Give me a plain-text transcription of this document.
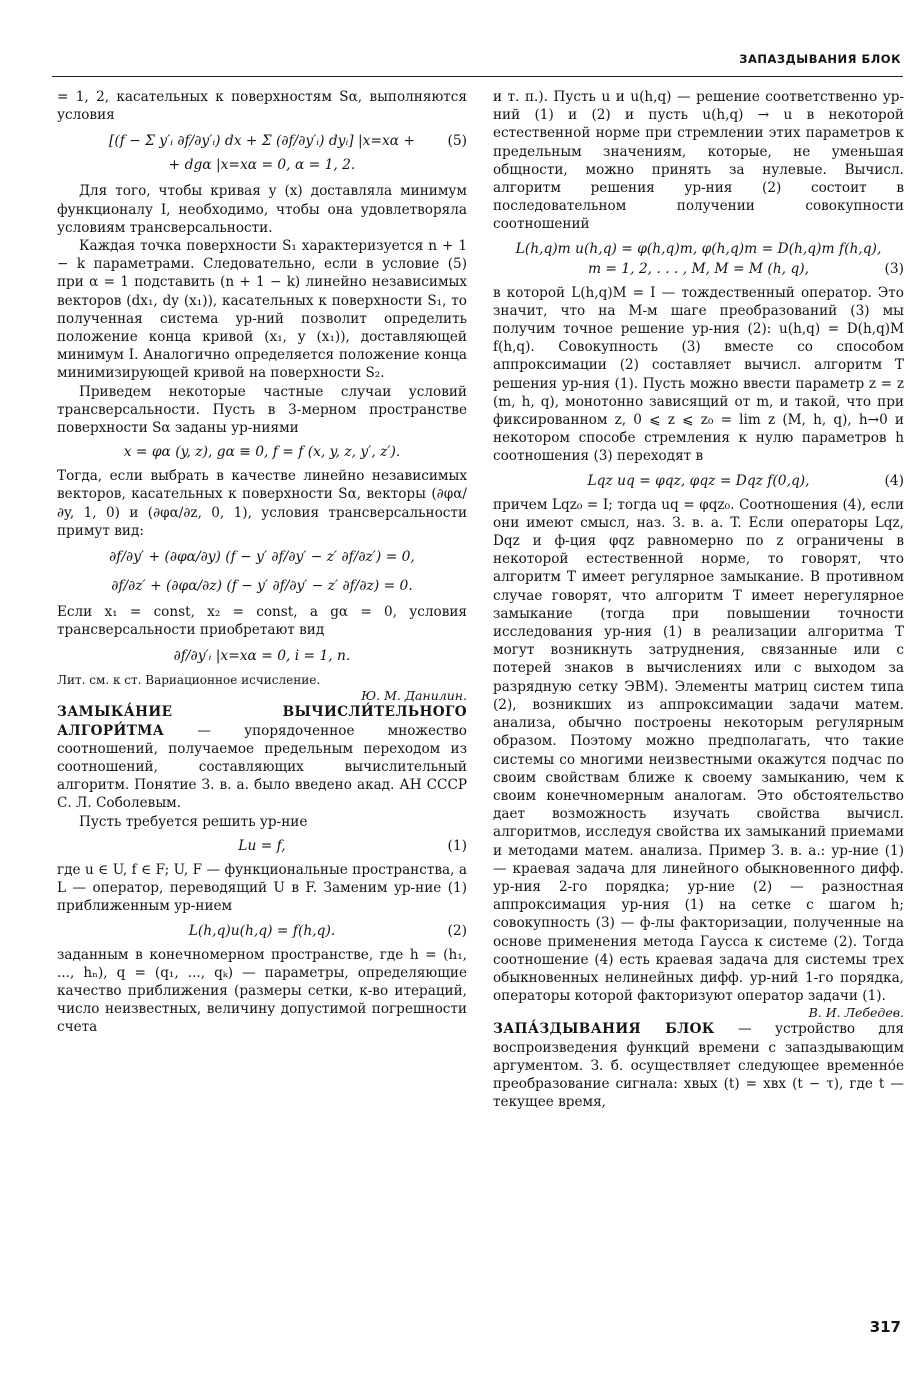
ЗАПАЗДЫВАНИЯ БЛОК

= 1, 2, касательных к поверхностям Sα, выполняются условия

[(f − Σ y′ᵢ ∂f/∂y′ᵢ) dx + Σ (∂f/∂y′ᵢ) dyᵢ] |x=xα +
+ dgα |x=xα = 0, α = 1, 2.
(5)

Для того, чтобы кривая y (x) доставляла минимум функционалу I, необходимо, чтобы она удовлетворяла условиям трансверсальности.

Каждая точка поверхности S₁ характеризуется n + 1 − k параметрами. Следовательно, если в условие (5) при α = 1 подставить (n + 1 − k) линейно независимых векторов (dx₁, dy (x₁)), касательных к поверхности S₁, то полученная система ур-ний позволит определить положение конца кривой (x₁, y (x₁)), доставляющей минимум I. Аналогично определяется положение конца минимизирующей кривой на поверхности S₂.

Приведем некоторые частные случаи условий трансверсальности. Пусть в 3-мерном пространстве поверхности Sα заданы ур-ниями

x = φα (y, z), gα ≡ 0, f = f (x, y, z, y′, z′).

Тогда, если выбрать в качестве линейно независимых векторов, касательных к поверхности Sα, векторы (∂φα/∂y, 1, 0) и (∂φα/∂z, 0, 1), условия трансверсальности примут вид:

∂f/∂y′ + (∂φα/∂y) (f − y′ ∂f/∂y′ − z′ ∂f/∂z′) = 0,
∂f/∂z′ + (∂φα/∂z) (f − y′ ∂f/∂y′ − z′ ∂f/∂z) = 0.

Если x₁ = const, x₂ = const, а gα = 0, условия трансверсальности приобретают вид

∂f/∂y′ᵢ |x=xα = 0, i = 1, n.

Лит. см. к ст. Вариационное исчисление.

Ю. М. Данилин.

ЗАМЫКА́НИЕ ВЫЧИСЛИ́ТЕЛЬНОГО АЛГОРИ́ТМА — упорядоченное множество соотношений, получаемое предельным переходом из соотношений, составляющих вычислительный алгоритм. Понятие З. в. а. было введено акад. АН СССР С. Л. Соболевым.

Пусть требуется решить ур-ние

Lu = f,	(1)

где u ∈ U, f ∈ F; U, F — функциональные пространства, а L — оператор, переводящий U в F. Заменим ур-ние (1) приближенным ур-нием

L(h,q)u(h,q) = f(h,q).	(2)

заданным в конечномерном пространстве, где h = (h₁, ..., hₙ), q = (q₁, ..., qₖ) — параметры, определяющие качество приближения (размеры сетки, к-во итераций, число неизвестных, величину допустимой погрешности счета

и т. п.). Пусть u и u(h,q) — решение соответственно ур-ний (1) и (2) и пусть u(h,q) → u в некоторой естественной норме при стремлении этих параметров к предельным значениям, которые, не уменьшая общности, можно принять за нулевые. Вычисл. алгоритм решения ур-ния (2) состоит в последовательном получении совокупности соотношений

L(h,q)m u(h,q) = φ(h,q)m, φ(h,q)m = D(h,q)m f(h,q),
m = 1, 2, . . . , M, M = M (h, q),	(3)

в которой L(h,q)M = I — тождественный оператор. Это значит, что на M-м шаге преобразований (3) мы получим точное решение ур-ния (2): u(h,q) = D(h,q)M f(h,q). Совокупность (3) вместе со способом аппроксимации (2) составляет вычисл. алгоритм T решения ур-ния (1). Пусть можно ввести параметр z = z (m, h, q), монотонно зависящий от m, и такой, что при фиксированном z, 0 ⩽ z ⩽ z₀ = lim z (M, h, q), h→0 и некотором способе стремления к нулю параметров h соотношения (3) переходят в

Lqz uq = φqz, φqz = Dqz f(0,q),	(4)

причем Lqz₀ = I; тогда uq = φqz₀. Соотношения (4), если они имеют смысл, наз. З. в. а. T. Если операторы Lqz, Dqz и ф-ция φqz равномерно по z ограничены в некоторой естественной норме, то говорят, что алгоритм T имеет регулярное замыкание. В противном случае говорят, что алгоритм T имеет нерегулярное замыкание (тогда при повышении точности исследования ур-ния (1) в реализации алгоритма T могут возникнуть затруднения, связанные или с потерей знаков в вычислениях или с выходом за разрядную сетку ЭВМ). Элементы матриц систем типа (2), возникших из аппроксимации задачи матем. анализа, обычно построены некоторым регулярным образом. Поэтому можно предполагать, что такие системы со многими неизвестными окажутся подчас по своим свойствам ближе к своему замыканию, чем к своим конечномерным аналогам. Это обстоятельство дает возможность изучать свойства вычисл. алгоритмов, исследуя свойства их замыканий приемами и методами матем. анализа. Пример З. в. а.: ур-ние (1) — краевая задача для линейного обыкновенного дифф. ур-ния 2-го порядка; ур-ние (2) — разностная аппроксимация ур-ния (1) на сетке с шагом h; совокупность (3) — ф-лы факторизации, полученные на основе применения метода Гаусса к системе (2). Тогда соотношение (4) есть краевая задача для системы трех обыкновенных нелинейных дифф. ур-ний 1-го порядка, операторы которой факторизуют оператор задачи (1).

В. И. Лебедев.

ЗАПА́ЗДЫВАНИЯ БЛОК — устройство для воспроизведения функций времени с запаздывающим аргументом. З. б. осуществляет следующее временно́е преобразование сигнала: xвых (t) = xвх (t − τ), где t — текущее время,

317
